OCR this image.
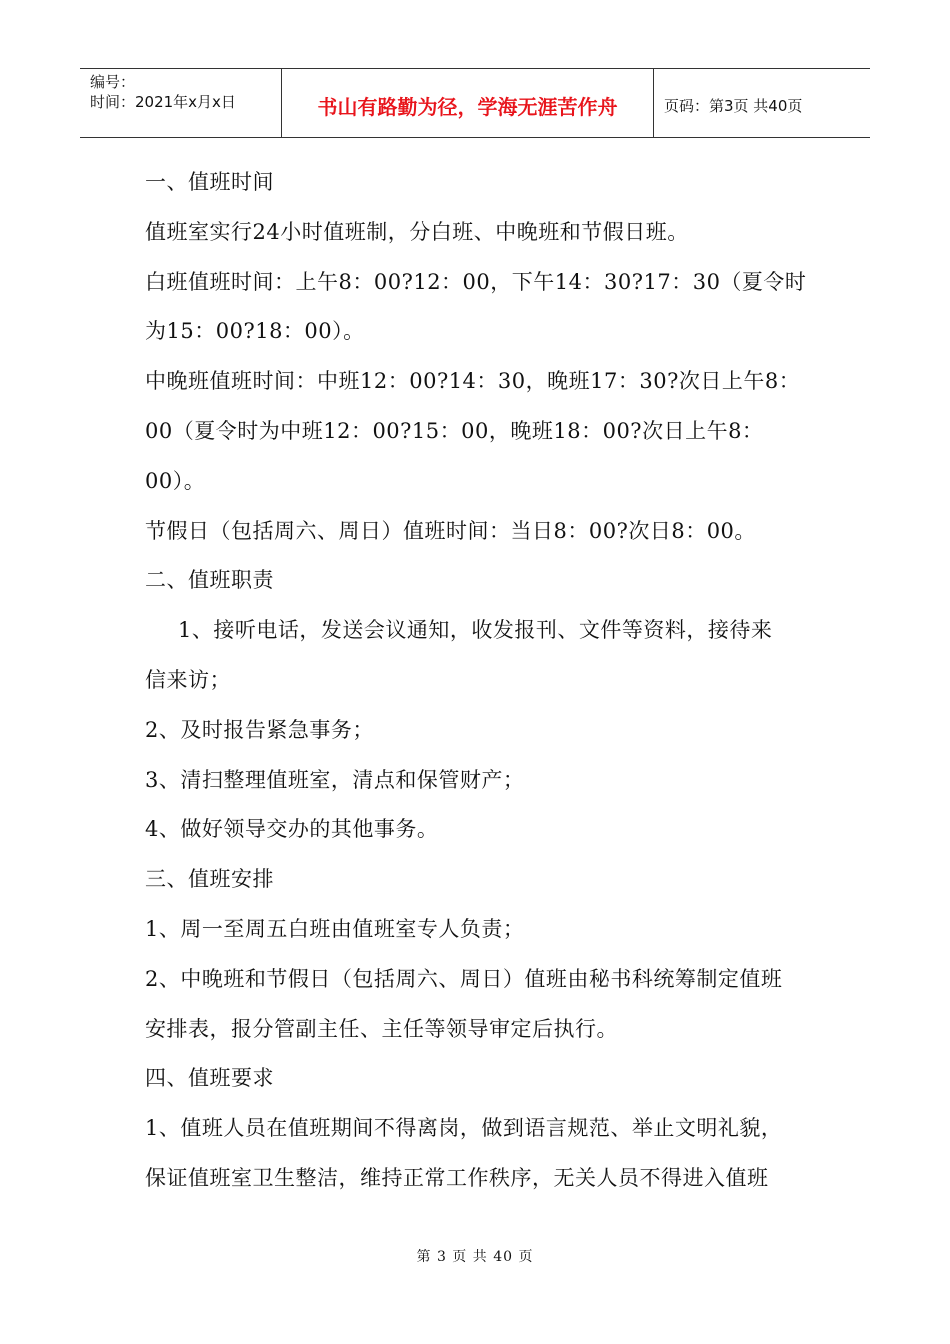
编号：
时间：2021年x月x日	书山有路勤为径，学海无涯苦作舟	页码：第3页 共40页

一、值班时间

值班室实行24小时值班制，分白班、中晚班和节假日班。

白班值班时间：上午8：00?12：00，下午14：30?17：30（夏令时

为15：00?18：00）。

中晚班值班时间：中班12：00?14：30，晚班17：30?次日上午8：

00（夏令时为中班12：00?15：00，晚班18：00?次日上午8：

00）。

节假日（包括周六、周日）值班时间：当日8：00?次日8：00。

二、值班职责

1、接听电话，发送会议通知，收发报刊、文件等资料，接待来

信来访；

2、及时报告紧急事务；

3、清扫整理值班室，清点和保管财产；

4、做好领导交办的其他事务。

三、值班安排

1、周一至周五白班由值班室专人负责；

2、中晚班和节假日（包括周六、周日）值班由秘书科统筹制定值班

安排表，报分管副主任、主任等领导审定后执行。

四、值班要求

1、值班人员在值班期间不得离岗，做到语言规范、举止文明礼貌，

保证值班室卫生整洁，维持正常工作秩序，无关人员不得进入值班

第 3 页 共 40 页
